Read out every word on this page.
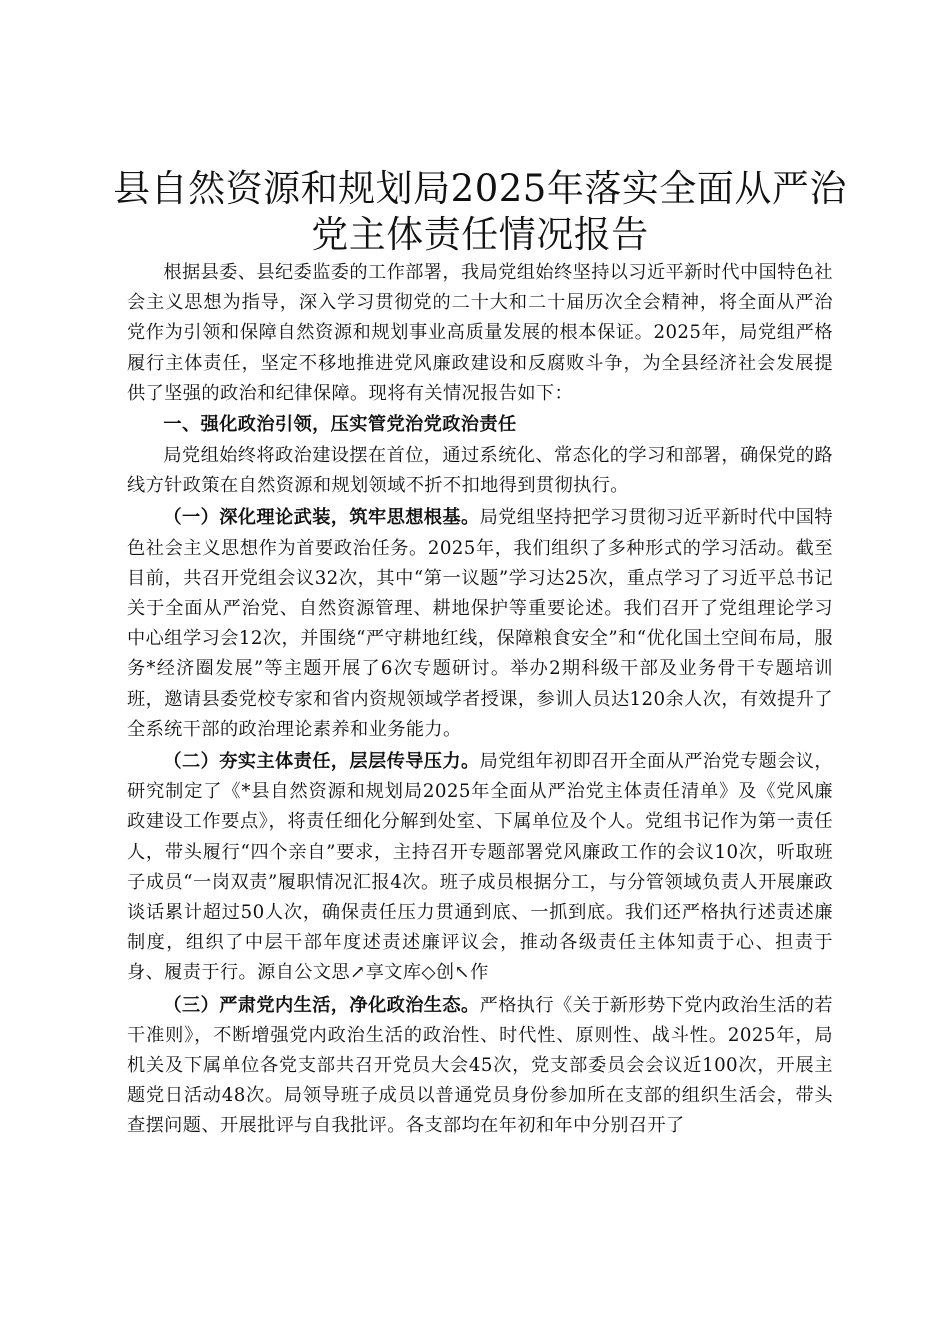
县自然资源和规划局2025年落实全面从严治
党主体责任情况报告

根据县委、县纪委监委的工作部署，我局党组始终坚持以习近平新时代中国特色社会主义思想为指导，深入学习贯彻党的二十大和二十届历次全会精神，将全面从严治党作为引领和保障自然资源和规划事业高质量发展的根本保证。2025年，局党组严格履行主体责任，坚定不移地推进党风廉政建设和反腐败斗争，为全县经济社会发展提供了坚强的政治和纪律保障。现将有关情况报告如下：

一、强化政治引领，压实管党治党政治责任

局党组始终将政治建设摆在首位，通过系统化、常态化的学习和部署，确保党的路线方针政策在自然资源和规划领域不折不扣地得到贯彻执行。

（一）深化理论武装，筑牢思想根基。局党组坚持把学习贯彻习近平新时代中国特色社会主义思想作为首要政治任务。2025年，我们组织了多种形式的学习活动。截至目前，共召开党组会议32次，其中“第一议题”学习达25次，重点学习了习近平总书记关于全面从严治党、自然资源管理、耕地保护等重要论述。我们召开了党组理论学习中心组学习会12次，并围绕“严守耕地红线，保障粮食安全”和“优化国土空间布局，服务*经济圈发展”等主题开展了6次专题研讨。举办2期科级干部及业务骨干专题培训班，邀请县委党校专家和省内资规领域学者授课，参训人员达120余人次，有效提升了全系统干部的政治理论素养和业务能力。

（二）夯实主体责任，层层传导压力。局党组年初即召开全面从严治党专题会议，研究制定了《*县自然资源和规划局2025年全面从严治党主体责任清单》及《党风廉政建设工作要点》，将责任细化分解到处室、下属单位及个人。党组书记作为第一责任人，带头履行“四个亲自”要求，主持召开专题部署党风廉政工作的会议10次，听取班子成员“一岗双责”履职情况汇报4次。班子成员根据分工，与分管领域负责人开展廉政谈话累计超过50人次，确保责任压力贯通到底、一抓到底。我们还严格执行述责述廉制度，组织了中层干部年度述责述廉评议会，推动各级责任主体知责于心、担责于身、履责于行。源自公文思↗享文库◇创↖作

（三）严肃党内生活，净化政治生态。严格执行《关于新形势下党内政治生活的若干准则》，不断增强党内政治生活的政治性、时代性、原则性、战斗性。2025年，局机关及下属单位各党支部共召开党员大会45次，党支部委员会会议近100次，开展主题党日活动48次。局领导班子成员以普通党员身份参加所在支部的组织生活会，带头查摆问题、开展批评与自我批评。各支部均在年初和年中分别召开了
